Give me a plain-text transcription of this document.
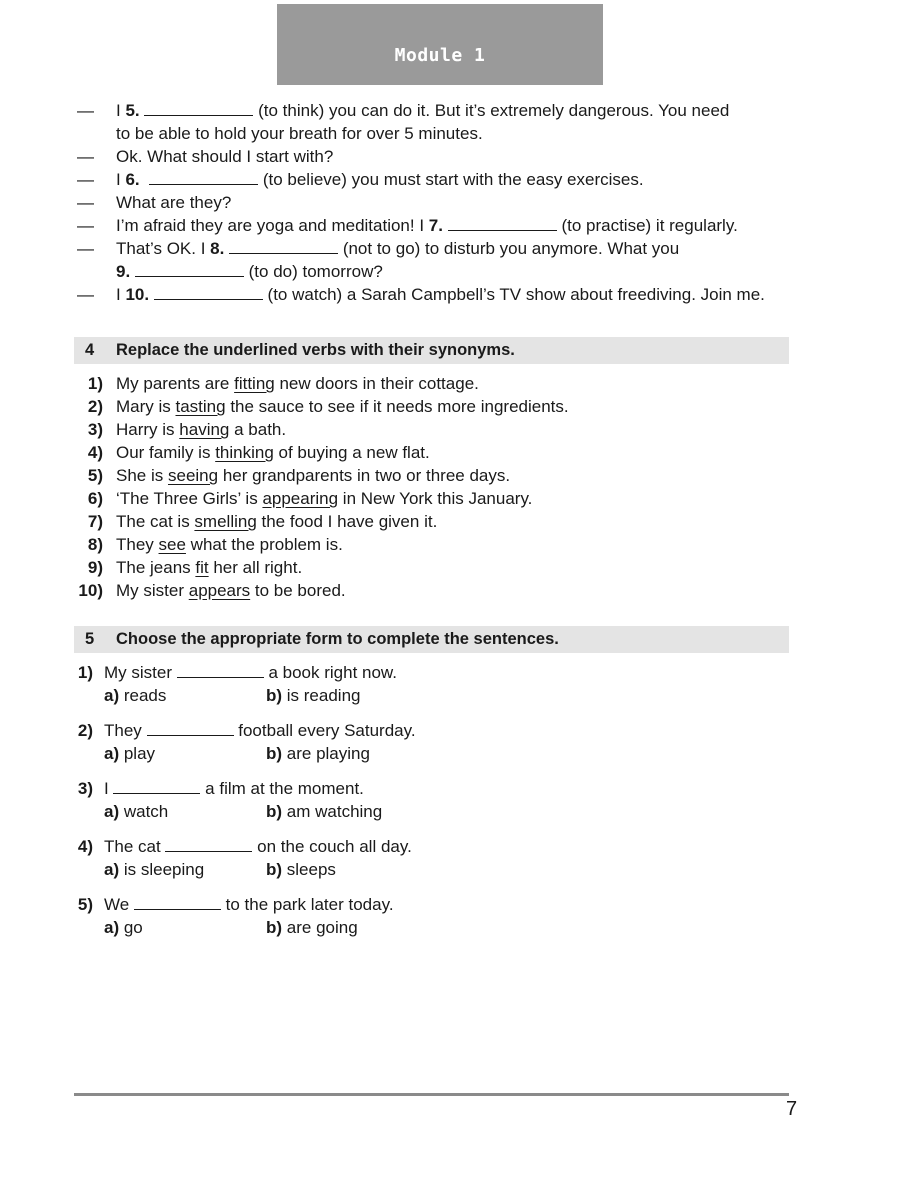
Module 1
— I 5.	(to think) you can do it. But it’s extremely dangerous. You need
to be able to hold your breath for over 5 minutes.
— Ok. What should I start with?
— I 6.	(to believe) you must start with the easy exercises.
— What are they?
— I’m afraid they are yoga and meditation! I 7.	(to practise) it regularly.
— That’s OK. I 8.	(not to go) to disturb you anymore. What you
9.	(to do) tomorrow?
— I 10.	(to watch) a Sarah Campbell’s TV show about freediving. Join me.
4 Replace the underlined verbs with their synonyms.
1) My parents are fitting new doors in their cottage.
2) Mary is tasting the sauce to see if it needs more ingredients.
3) Harry is having a bath.
4) Our family is thinking of buying a new flat.
5) She is seeing her grandparents in two or three days.
6) ‘The Three Girls’ is appearing in New York this January.
7) The cat is smelling the food I have given it.
8) They see what the problem is.
9) The jeans fit her all right.
10) My sister appears to be bored.
5 Choose the appropriate form to complete the sentences.
1) My sister	a book right now.
a) reads	b) is reading
2) They	football every Saturday.
a) play	b) are playing
3) I	a film at the moment.
a) watch	b) am watching
4) The cat	on the couch all day.
a) is sleeping	b) sleeps
5) We	to the park later today.
a) go	b) are going
7
